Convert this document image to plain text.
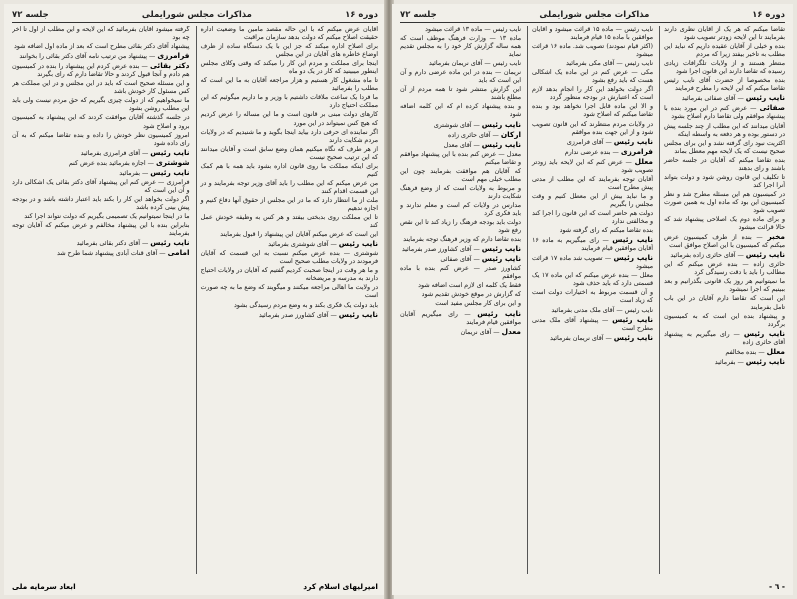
دوره ۱۶
مذاکرات مجلس شورایملی
جلسه ۷۲

آقایان عرض میکنم که با این حاله مقصد مامین ما وضعیت اداره حقیقت اصلاح میکنم که دولت بدهد سازمان مراقبت

برای اصلاح اداره میکند که جز این با یک دستگاه ساده از ظرف اوضاع خاطره های آقایان در این مجلس

اینجا برای مملکت و مردم این کار را میکند که وقتی وکلای مجلس اینطور میبینید که کار در یک دو ماه

تا ماه مشغول کار هستیم و هزار مراجعه آقایان به ما این است که مطلب را بفرمائید

ما فردا یک ساعت ملاقات داشتیم با وزیر و ما داریم میگوئیم که این مملکت احتیاج دارد

کارهای دولت مبنی بر قانون است و ما این مساله را عرض کردیم که هیچ کس نمیتواند در این مورد

اگر نماینده ای حرفی دارد بیاید اینجا بگوید و ما شنیدیم که در ولایات مردم شکایت دارند

از هر طرف که نگاه میکنیم همان وضع سابق است و آقایان میدانند که این ترتیب صحیح نیست

برای اینکه مملکت ما روی قانون اداره بشود باید همه با هم کمک کنیم

من عرض میکنم که این مطلب را باید آقای وزیر توجه بفرمایند و در این قسمت اقدام کنند

ملت از ما انتظار دارد که ما در این مجلس از حقوق آنها دفاع کنیم و اجازه ندهیم

تا این مملکت روی بدبختی بیفتد و هر کس به وظیفه خودش عمل کند

این است که عرض میکنم آقایان این پیشنهاد را قبول بفرمایند

نایب رئیس — آقای شوشتری بفرمائید

شوشتری — بنده عرض میکنم نسبت به این قسمت که آقایان فرمودند در ولایات مطلب صحیح است

و ما هر وقت در اینجا صحبت کردیم گفتیم که آقایان در ولایات احتیاج دارند به مدرسه و مریضخانه

در ولایت ما اهالی مراجعه میکنند و میگویند که وضع ما به چه صورت است

باید دولت یک فکری بکند و به وضع مردم رسیدگی بشود

نایب رئیس — آقای کشاورز صدر بفرمائید

گرفته میشود آقایان بفرمائید که این لایحه و این مطلب از اول تا آخر چه بود

پیشنهاد آقای دکتر بقائی مطرح است که بعد از ماده اول اضافه شود

فرامرزی — پیشنهاد من ترتیب نامه آقای دکتر بقائی را بخوانند

دکتر بقائی — بنده عرض کردم این پیشنهاد را بنده در کمیسیون هم دادم و آنجا قبول کردند و حالا تقاضا دارم که رای بگیرند

و این مسئله صحیح است که باید در این مجلس و در این مملکت هر کس مسئول کار خودش باشد

ما نمیخواهیم که از دولت چیزی بگیریم که حق مردم نیست ولی باید این مطلب روشن بشود

در جلسه گذشته آقایان موافقت کردند که این پیشنهاد به کمیسیون برود و اصلاح شود

امروز کمیسیون نظر خودش را داده و بنده تقاضا میکنم که به آن رای داده شود

نایب رئیس — آقای فرامرزی بفرمائید

شوشتری — اجازه بفرمائید بنده عرض کنم

نایب رئیس — بفرمائید

فرامرزی — عرض کنم این پیشنهاد آقای دکتر بقائی یک اشکالی دارد و آن این است که

اگر دولت بخواهد این کار را بکند باید اعتبار داشته باشد و در بودجه پیش بینی کرده باشد

ما در اینجا نمیتوانیم یک تصمیمی بگیریم که دولت نتواند اجرا کند

بنابراین بنده با این پیشنهاد مخالفم و عرض میکنم که آقایان توجه بفرمایند

نایب رئیس — آقای دکتر بقائی بفرمائید

امامی — آقای قنات آبادی پیشنهاد شما طرح شد

امیرلیهای اسلام کرد
ابعاد سرمایه ملی
دوره ۱۶
مذاکرات مجلس شورایملی
جلسه ۷۲

تقاضا میکنم که هر یک از آقایان نظری دارند بفرمایند تا این لایحه زودتر تصویب شود

بنده و خیلی از آقایان عقیده داریم که نباید این مطلب به تاخیر بیفتد زیرا که مردم

منتظر هستند و از ولایات تلگرافات زیادی رسیده که تقاضا دارند این قانون اجرا شود

بنده مخصوصا از حضرت آقای نایب رئیس تقاضا میکنم که این لایحه را مطرح فرمایند

نایب رئیس — آقای صفائی بفرمائید

صفائی — عرض کنم در این مورد بنده با پیشنهاد موافقم ولی تقاضا دارم اصلاح بشود

آقایان میدانند که این مطلب از چند جلسه پیش در دستور بوده و هر دفعه به واسطه اینکه

اکثریت نبود رای گرفته نشد و این برای مجلس صحیح نیست که یک لایحه مهم معطل بماند

بنده تقاضا میکنم که آقایان در جلسه حاضر باشند و رای بدهند

تا تکلیف این قانون روشن شود و دولت بتواند آنرا اجرا کند

در کمیسیون هم این مسئله مطرح شد و نظر کمیسیون این بود که ماده اول به همین صورت تصویب شود

و برای ماده دوم یک اصلاحی پیشنهاد شد که حالا قرائت میشود

مخبر — بنده از طرف کمیسیون عرض میکنم که کمیسیون با این اصلاح موافق است

نایب رئیس — آقای حائری زاده بفرمائید

حائری زاده — بنده عرض میکنم که این مطالب را باید با دقت رسیدگی کرد

ما نمیتوانیم هر روز یک قانونی بگذرانیم و بعد ببینیم که اجرا نمیشود

این است که تقاضا دارم آقایان در این باب تامل بفرمایند

و پیشنهاد بنده این است که به کمیسیون برگردد

نایب رئیس — رای میگیریم به پیشنهاد آقای حائری زاده

معلل — بنده مخالفم

نایب رئیس — بفرمائید

نایب رئیس — ماده ۱۵ قرائت میشود و آقایان موافقین با ماده ۱۵ قیام فرمایند

(اکثر قیام نمودند) تصویب شد. ماده ۱۶ قرائت میشود

نایب رئیس — آقای مکی بفرمائید

مکی — عرض کنم در این ماده یک اشکالی هست که باید رفع بشود

اگر دولت بخواهد این کار را انجام بدهد لازم است که اعتبارش در بودجه منظور گردد

و الا این ماده قابل اجرا نخواهد بود و بنده تقاضا میکنم که اصلاح شود

در ولایات مردم منتظرند که این قانون تصویب شود و از این جهت بنده موافقم

نایب رئیس — آقای فرامرزی

فرامرزی — بنده عرضی ندارم

معلل — عرض کنم که این لایحه باید زودتر تصویب شود

آقایان توجه بفرمایند که این مطلب از مدتی پیش مطرح است

و ما نباید بیش از این معطل کنیم و وقت مجلس را بگیریم

دولت هم حاضر است که این قانون را اجرا کند و مخالفتی ندارد

بنده تقاضا میکنم که رای گرفته شود

نایب رئیس — رای میگیریم به ماده ۱۶ آقایان موافقین قیام فرمایند

نایب رئیس — تصویب شد ماده ۱۷ قرائت میشود

معلل — بنده عرض میکنم که این ماده ۱۷ یک قسمتی دارد که باید حذف شود

و آن قسمت مربوط به اختیارات دولت است که زیاد است

نایب رئیس — آقای ملک مدنی بفرمائید

نایب رئیس — پیشنهاد آقای ملک مدنی مطرح است

نایب رئیس — آقای نریمان بفرمائید

نایب رئیس — ماده ۱۳ قرائت میشود

ماده ۱۳ — وزارت فرهنگ موظف است که همه ساله گزارش کار خود را به مجلس تقدیم نماید

نایب رئیس — آقای نریمان بفرمائید

نریمان — بنده در این ماده عرضی دارم و آن این است که باید

این گزارش منتشر شود تا همه مردم از آن مطلع باشند

و بنده پیشنهاد کرده ام که این کلمه اضافه شود

نایب رئیس — آقای شوشتری

ارکان — آقای حائری زاده

نایب رئیس — آقای معدل

معدل — عرض کنم بنده با این پیشنهاد موافقم و تقاضا میکنم

که آقایان هم موافقت بفرمایند چون این مطلب خیلی مهم است

و مربوط به ولایات است که از وضع فرهنگ شکایت دارند

مدارس در ولایات کم است و معلم ندارند و باید فکری کرد

دولت باید بودجه فرهنگ را زیاد کند تا این نقص رفع شود

بنده تقاضا دارم که وزیر فرهنگ توجه بفرمایند

نایب رئیس — آقای کشاورز صدر بفرمائید

نایب رئیس — آقای صفائی

کشاورز صدر — عرض کنم بنده با ماده موافقم

فقط یک کلمه ای لازم است اضافه شود

که گزارش در موقع خودش تقدیم شود

و این برای کار مجلس مفید است

نایب رئیس — رای میگیریم آقایان موافقین قیام فرمایند

معدل — آقای نریمان

- ٦ -
